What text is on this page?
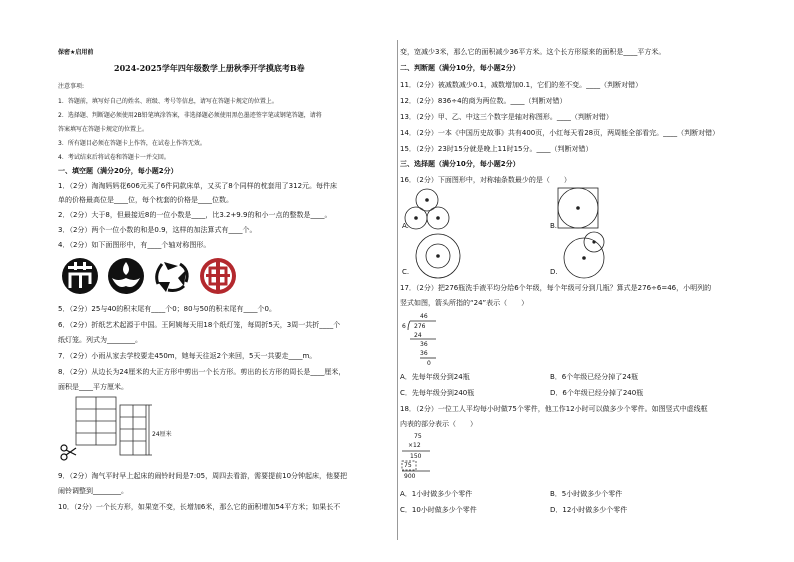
保密★启用前
2024-2025学年四年级数学上册秋季开学摸底考B卷
注意事项:
1．答题前，填写好自己的姓名、班级、考号等信息，请写在答题卡规定的位置上。
2．选择题、判断题必须使用2B铅笔填涂答案，非选择题必须使用黑色墨迹签字笔或钢笔答题，请将
答案填写在答题卡规定的位置上。
3．所有题目必须在答题卡上作答，在试卷上作答无效。
4．考试结束后将试卷和答题卡一并交回。
一、填空题（满分20分，每小题2分）
1．（2分）淘淘妈妈花606元买了6件同款床单，又买了8个同样的枕套用了312元。每件床
单的价格最高位是____位，每个枕套的价格是____位数。
2．（2分）大于8，但最接近8的一位小数是____，比3.2+9.9的和小一点的整数是____。
3．（2分）两个一位小数的和是0.9，这样的加法算式有____个。
4．（2分）如下面图形中，有____个轴对称图形。
5．（2分）25与40的积末尾有____个0；80与50的积末尾有____个0。
6．（2分）折纸艺术起源于中国。王阿姨每天用18个纸灯笼，每周折5天，3周一共折____个
纸灯笼。列式为________。
7．（2分）小雨从家去学校要走450m，她每天往返2个来回，5天一共要走____m。
8．（2分）从边长为24厘米的大正方形中剪出一个长方形。剪出的长方形的周长是____厘米，
面积是____平方厘米。
24厘米
9．（2分）淘气平时早上起床的闹铃时间是7:05，周四去看游，需要提前10分钟起床，他要把
闹铃调整到________。
10．（2分）一个长方形，如果宽不变，长增加6米，那么它的面积增加54平方米；如果长不
变，宽减少3米，那么它的面积减少36平方米。这个长方形原来的面积是____平方米。
二、判断题（满分10分，每小题2分）
11．（2分）被减数减少0.1，减数增加0.1，它们的差不变。____（判断对错）
12．（2分）836÷4的商为两位数。____（判断对错）
13．（2分）甲、乙、中这三个数字是轴对称图形。____（判断对错）
14．（2分）一本《中国历史故事》共有400页，小红每天看28页，两周能全部看完。____（判断对错）
15．（2分）23时15分就是晚上11时15分。____（判断对错）
三、选择题（满分10分，每小题2分）
16．（2分）下面图形中，对称轴条数最少的是（　　）
A.	B.
C.	D.
17．（2分）把276瓶洗手液平均分给6个年级，每个年级可分到几瓶？算式是276÷6=46，小明列的
竖式如图，箭头所指的“24”表示（　　）
46
6 276
24
36
36
0
A．先每年级分到24瓶	B．6个年级已经分掉了24瓶
C．先每年级分到240瓶	D．6个年级已经分掉了240瓶
18．（2分）一位工人平均每小时做75个零件，他工作12小时可以做多少个零件。如图竖式中虚线框
内表的部分表示（　　）
75
×12
150
75
900
A．1小时做多少个零件	B．5小时做多少个零件
C．10小时做多少个零件	D．12小时做多少个零件
